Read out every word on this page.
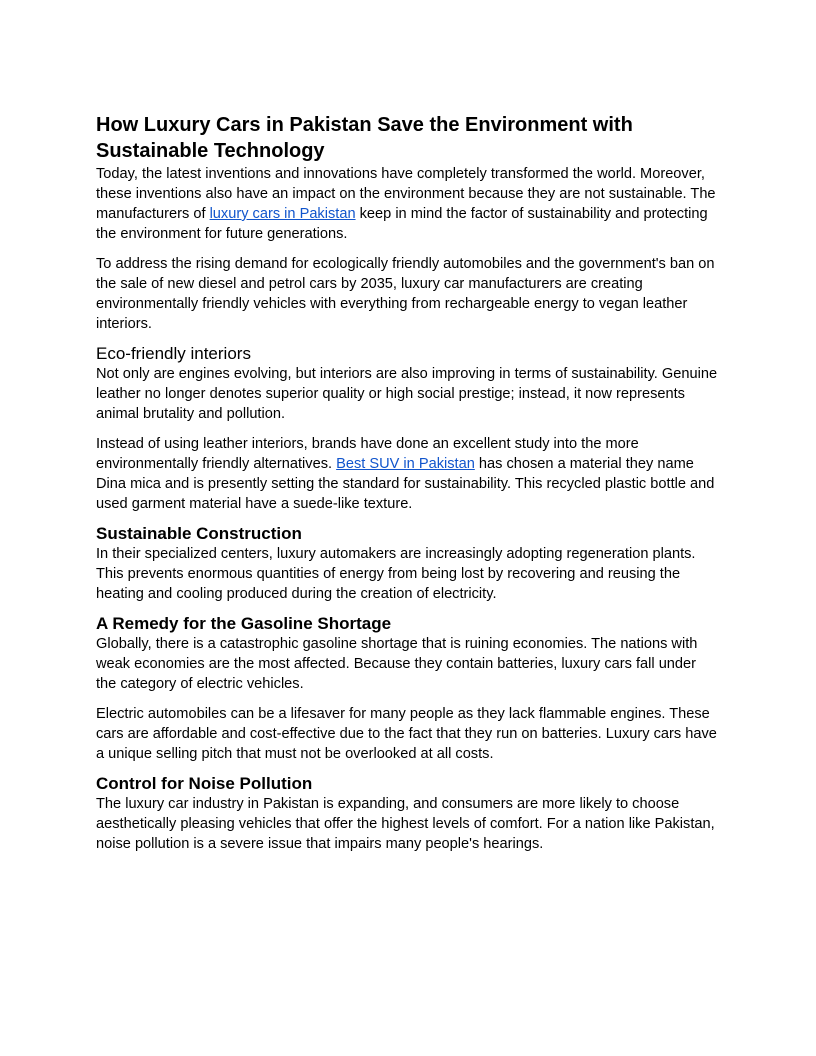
How Luxury Cars in Pakistan Save the Environment with Sustainable Technology

Today, the latest inventions and innovations have completely transformed the world. Moreover, these inventions also have an impact on the environment because they are not sustainable. The manufacturers of luxury cars in Pakistan keep in mind the factor of sustainability and protecting the environment for future generations.

To address the rising demand for ecologically friendly automobiles and the government's ban on the sale of new diesel and petrol cars by 2035, luxury car manufacturers are creating environmentally friendly vehicles with everything from rechargeable energy to vegan leather interiors.

Eco-friendly interiors

Not only are engines evolving, but interiors are also improving in terms of sustainability. Genuine leather no longer denotes superior quality or high social prestige; instead, it now represents animal brutality and pollution.

Instead of using leather interiors, brands have done an excellent study into the more environmentally friendly alternatives. Best SUV in Pakistan has chosen a material they name Dina mica and is presently setting the standard for sustainability. This recycled plastic bottle and used garment material have a suede-like texture.

Sustainable Construction

In their specialized centers, luxury automakers are increasingly adopting regeneration plants. This prevents enormous quantities of energy from being lost by recovering and reusing the heating and cooling produced during the creation of electricity.

A Remedy for the Gasoline Shortage

Globally, there is a catastrophic gasoline shortage that is ruining economies. The nations with weak economies are the most affected. Because they contain batteries, luxury cars fall under the category of electric vehicles.

Electric automobiles can be a lifesaver for many people as they lack flammable engines. These cars are affordable and cost-effective due to the fact that they run on batteries. Luxury cars have a unique selling pitch that must not be overlooked at all costs.

Control for Noise Pollution

The luxury car industry in Pakistan is expanding, and consumers are more likely to choose aesthetically pleasing vehicles that offer the highest levels of comfort. For a nation like Pakistan, noise pollution is a severe issue that impairs many people's hearings.
